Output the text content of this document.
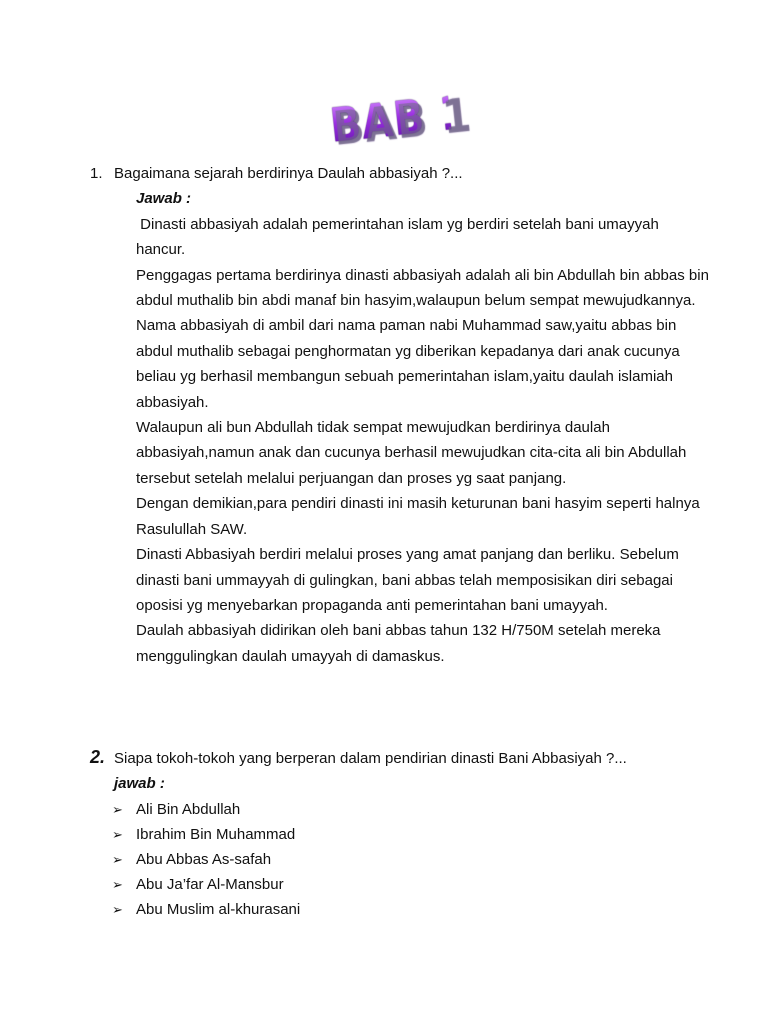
BAB 1
1. Bagaimana sejarah berdirinya Daulah abbasiyah ?...
Jawab :

Dinasti abbasiyah adalah pemerintahan islam yg berdiri setelah bani umayyah hancur.

Penggagas pertama berdirinya dinasti abbasiyah adalah ali bin Abdullah bin abbas bin abdul muthalib bin abdi manaf bin hasyim,walaupun belum sempat mewujudkannya.

Nama abbasiyah di ambil dari nama paman nabi Muhammad saw,yaitu abbas bin abdul muthalib sebagai penghormatan yg diberikan kepadanya dari anak cucunya beliau yg berhasil membangun sebuah pemerintahan islam,yaitu daulah islamiah abbasiyah.

Walaupun ali bun Abdullah tidak sempat mewujudkan berdirinya daulah abbasiyah,namun anak dan cucunya berhasil mewujudkan cita-cita ali bin Abdullah tersebut setelah melalui perjuangan dan proses yg saat panjang.

Dengan demikian,para pendiri dinasti ini masih keturunan bani hasyim seperti halnya Rasulullah SAW.

Dinasti Abbasiyah berdiri melalui proses yang amat panjang dan berliku. Sebelum dinasti bani ummayyah di gulingkan, bani abbas telah memposisikan diri sebagai oposisi yg menyebarkan propaganda anti pemerintahan bani umayyah.

Daulah abbasiyah didirikan oleh bani abbas tahun 132 H/750M setelah mereka menggulingkan daulah umayyah di damaskus.

2. Siapa tokoh-tokoh yang berperan dalam pendirian dinasti Bani Abbasiyah ?...
jawab :
➢ Ali Bin Abdullah
➢ Ibrahim Bin Muhammad
➢ Abu Abbas As-safah
➢ Abu Ja’far Al-Mansbur
➢ Abu Muslim al-khurasani
